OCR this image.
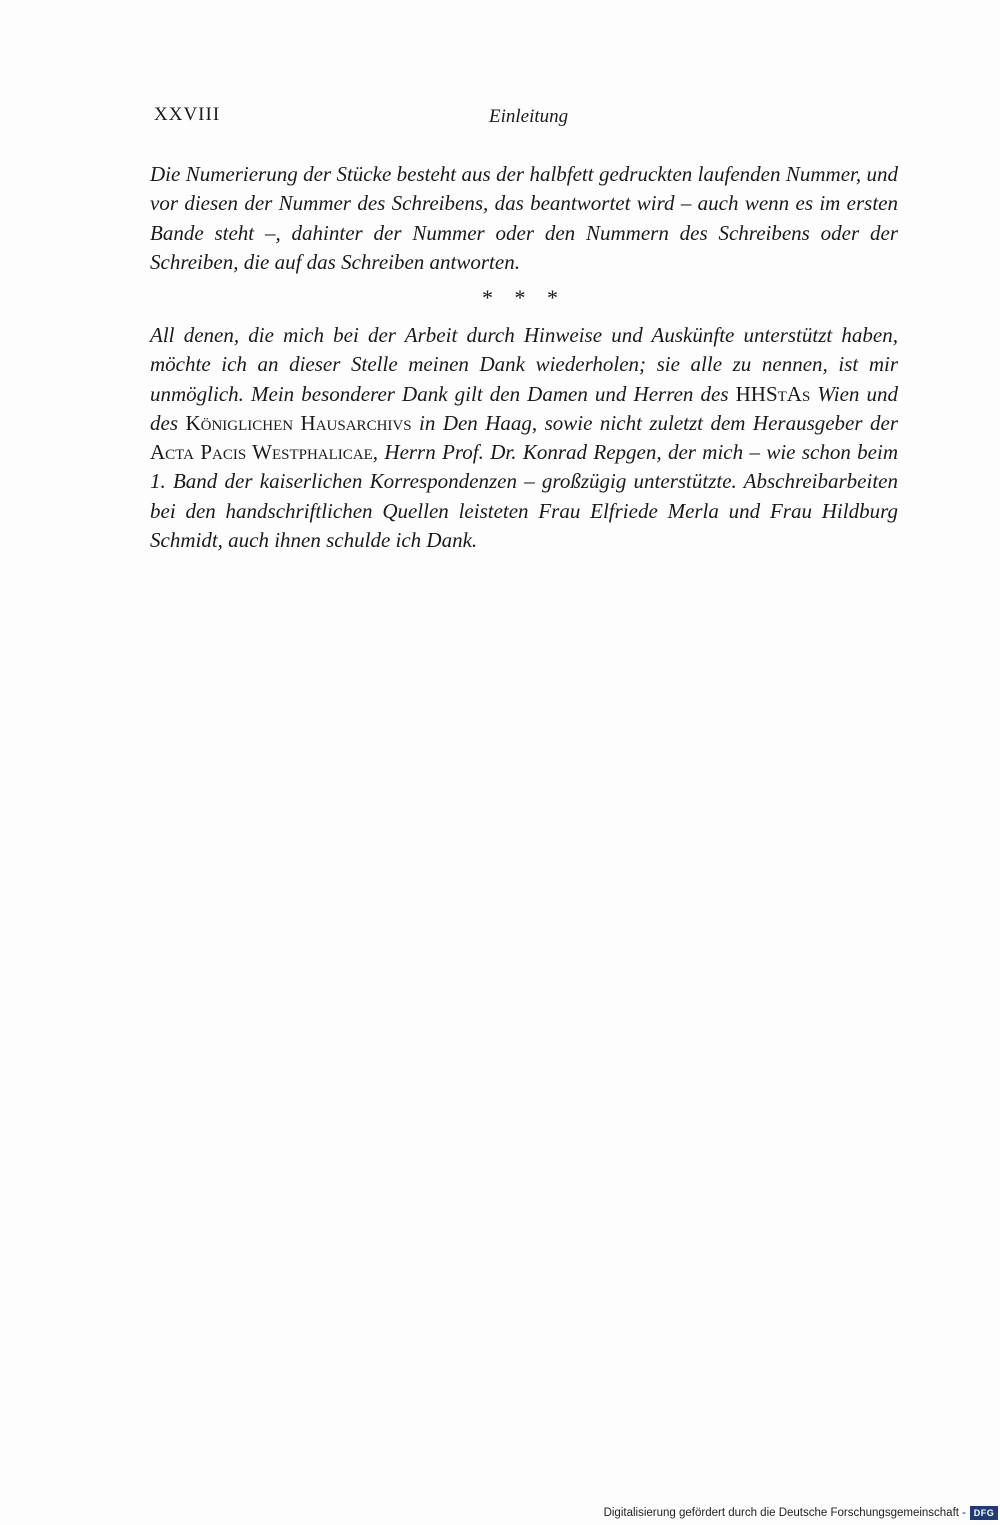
XXVIII	Einleitung

Die Numerierung der Stücke besteht aus der halbfett gedruckten laufenden Nummer, und vor diesen der Nummer des Schreibens, das beantwortet wird – auch wenn es im ersten Bande steht –, dahinter der Nummer oder den Nummern des Schreibens oder der Schreiben, die auf das Schreiben antworten.

* * *

All denen, die mich bei der Arbeit durch Hinweise und Auskünfte unterstützt haben, möchte ich an dieser Stelle meinen Dank wiederholen; sie alle zu nennen, ist mir unmöglich. Mein besonderer Dank gilt den Damen und Herren des HHStAs Wien und des Königlichen Hausarchivs in Den Haag, sowie nicht zuletzt dem Herausgeber der Acta Pacis Westphalicae, Herrn Prof. Dr. Konrad Repgen, der mich – wie schon beim 1. Band der kaiserlichen Korrespondenzen – großzügig unterstützte. Abschreibarbeiten bei den handschriftlichen Quellen leisteten Frau Elfriede Merla und Frau Hildburg Schmidt, auch ihnen schulde ich Dank.

Digitalisierung gefördert durch die Deutsche Forschungsgemeinschaft - DFG
